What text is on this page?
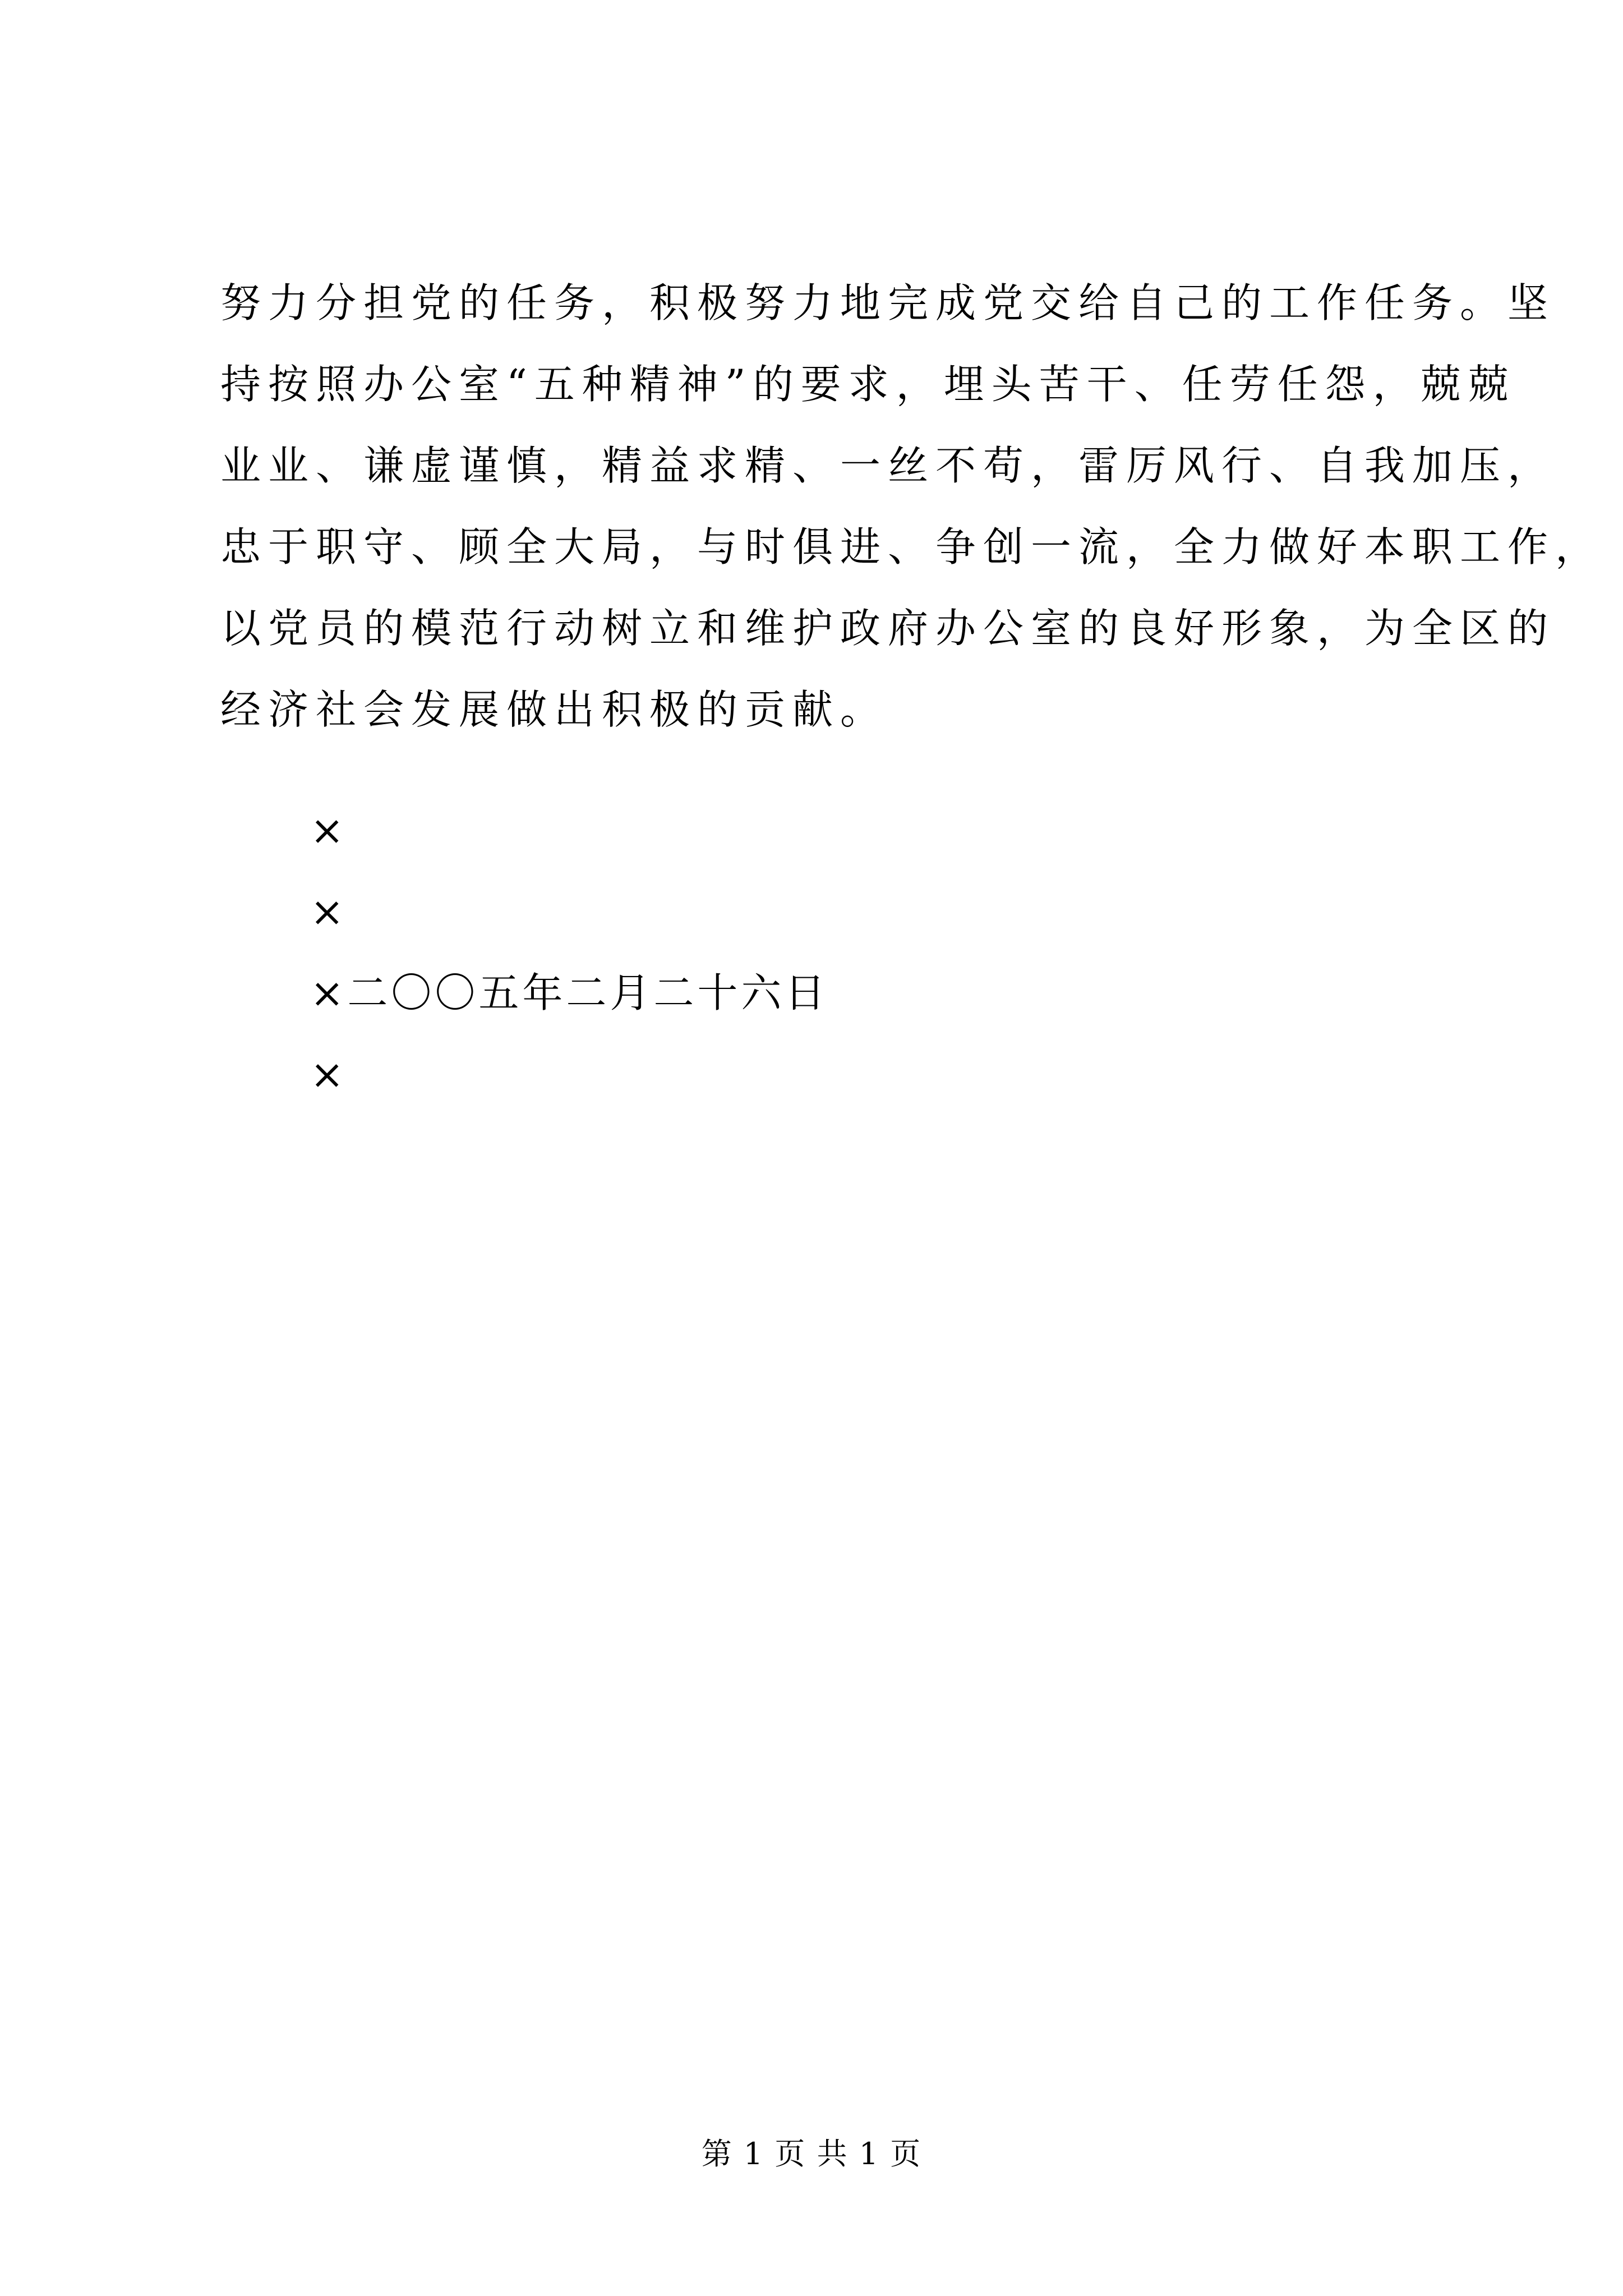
努力分担党的任务，积极努力地完成党交给自己的工作任务。坚
持按照办公室“五种精神”的要求，埋头苦干、任劳任怨，兢兢
业业、谦虚谨慎，精益求精、一丝不苟，雷厉风行、自我加压，
忠于职守、顾全大局，与时俱进、争创一流，全力做好本职工作，
以党员的模范行动树立和维护政府办公室的良好形象，为全区的
经济社会发展做出积极的贡献。
×
×
×二〇〇五年二月二十六日
×
第 1 页 共 1 页
